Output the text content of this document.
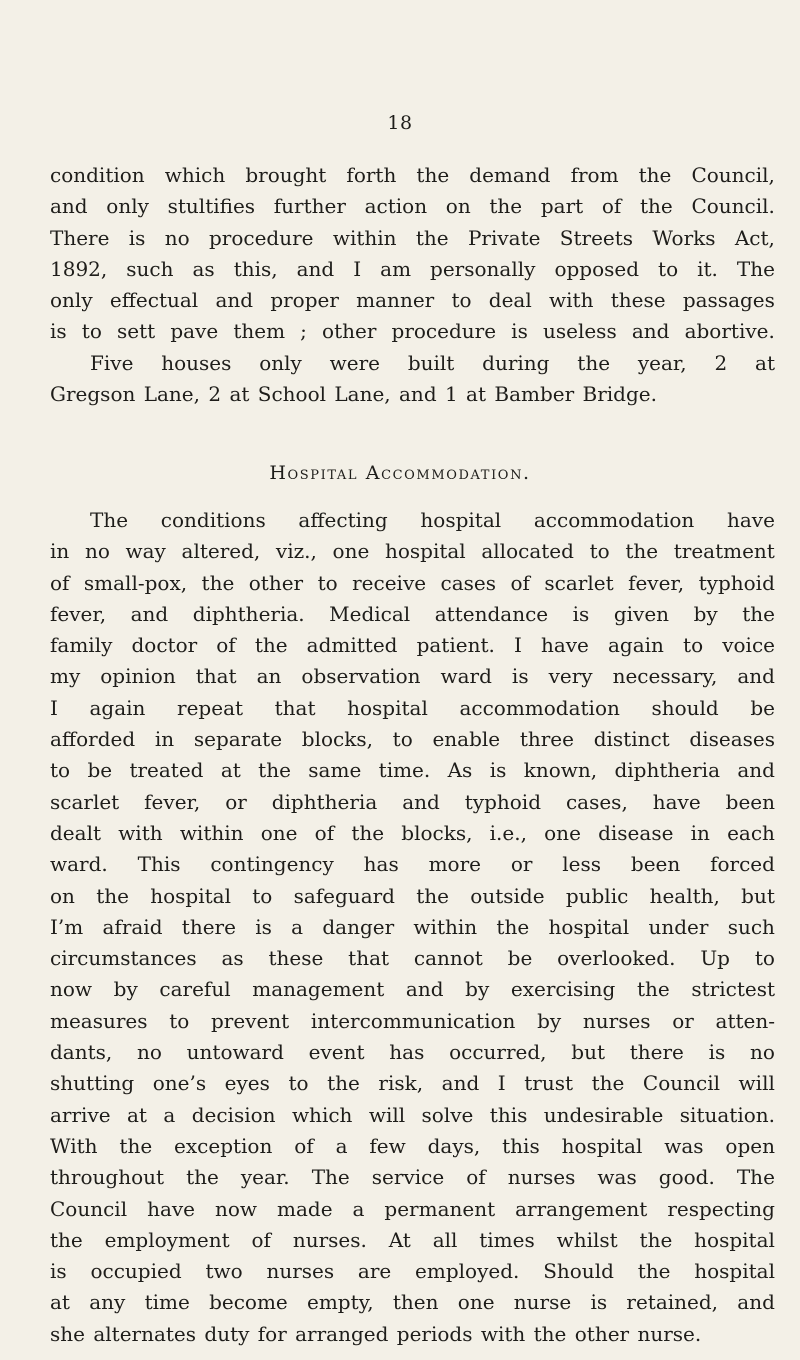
18
condition which brought forth the demand from the Council,
and only stultifies further action on the part of the Council.
There is no procedure within the Private Streets Works Act,
1892, such as this, and I am personally opposed to it. The
only effectual and proper manner to deal with these passages
is to sett pave them ; other procedure is useless and abortive.
Five houses only were built during the year, 2 at
Gregson Lane, 2 at School Lane, and 1 at Bamber Bridge.
Hospital Accommodation.
The conditions affecting hospital accommodation have
in no way altered, viz., one hospital allocated to the treatment
of small-pox, the other to receive cases of scarlet fever, typhoid
fever, and diphtheria. Medical attendance is given by the
family doctor of the admitted patient. I have again to voice
my opinion that an observation ward is very necessary, and
I again repeat that hospital accommodation should be
afforded in separate blocks, to enable three distinct diseases
to be treated at the same time. As is known, diphtheria and
scarlet fever, or diphtheria and typhoid cases, have been
dealt with within one of the blocks, i.e., one disease in each
ward. This contingency has more or less been forced
on the hospital to safeguard the outside public health, but
I’m afraid there is a danger within the hospital under such
circumstances as these that cannot be overlooked. Up to
now by careful management and by exercising the strictest
measures to prevent intercommunication by nurses or atten-
dants, no untoward event has occurred, but there is no
shutting one’s eyes to the risk, and I trust the Council will
arrive at a decision which will solve this undesirable situation.
With the exception of a few days, this hospital was open
throughout the year. The service of nurses was good. The
Council have now made a permanent arrangement respecting
the employment of nurses. At all times whilst the hospital
is occupied two nurses are employed. Should the hospital
at any time become empty, then one nurse is retained, and
she alternates duty for arranged periods with the other nurse.
